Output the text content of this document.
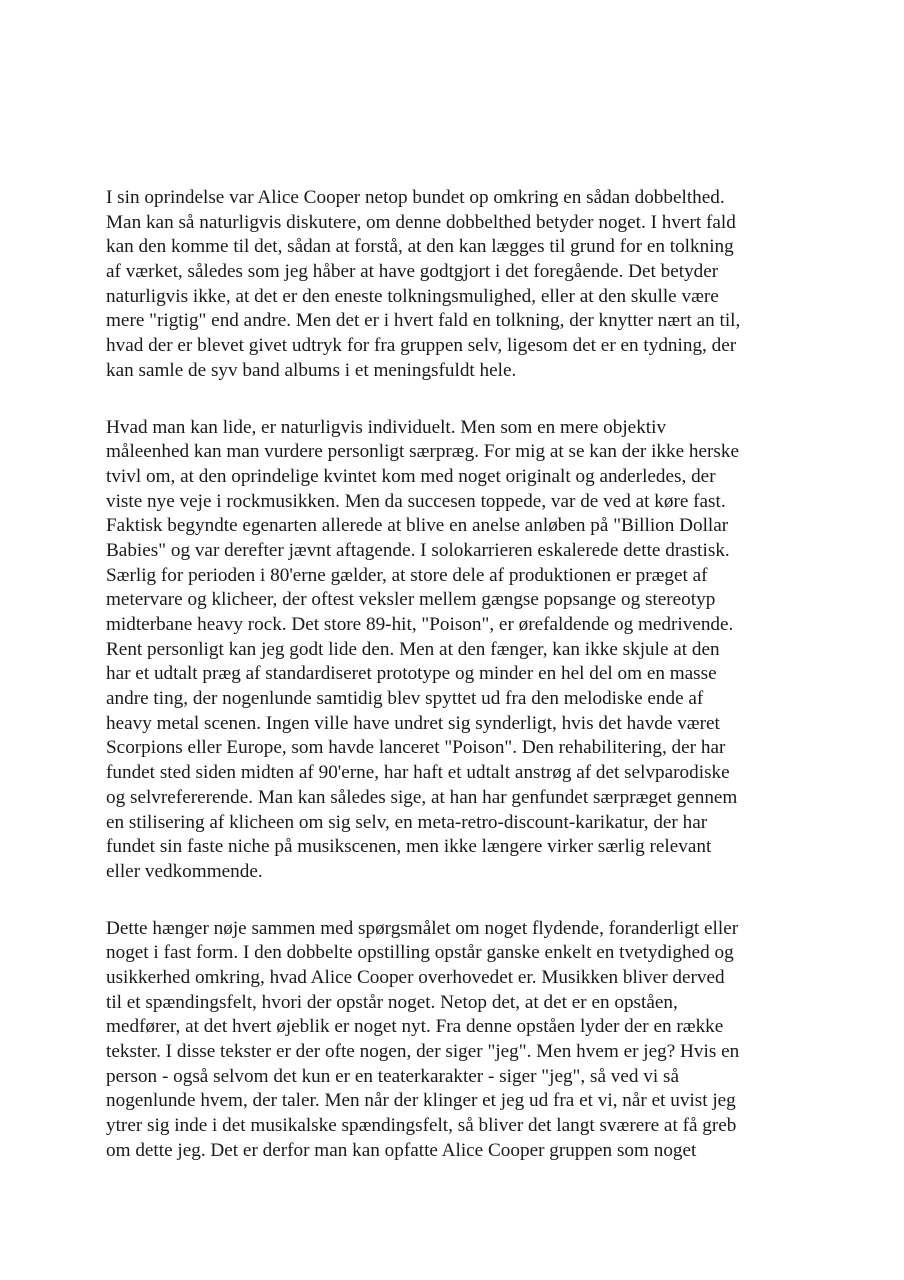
I sin oprindelse var Alice Cooper netop bundet op omkring en sådan dobbelthed.
Man kan så naturligvis diskutere, om denne dobbelthed betyder noget. I hvert fald
kan den komme til det, sådan at forstå, at den kan lægges til grund for en tolkning
af værket, således som jeg håber at have godtgjort i det foregående. Det betyder
naturligvis ikke, at det er den eneste tolkningsmulighed, eller at den skulle være
mere "rigtig" end andre. Men det er i hvert fald en tolkning, der knytter nært an til,
hvad der er blevet givet udtryk for fra gruppen selv, ligesom det er en tydning, der
kan samle de syv band albums i et meningsfuldt hele.
Hvad man kan lide, er naturligvis individuelt. Men som en mere objektiv
måleenhed kan man vurdere personligt særpræg. For mig at se kan der ikke herske
tvivl om, at den oprindelige kvintet kom med noget originalt og anderledes, der
viste nye veje i rockmusikken. Men da succesen toppede, var de ved at køre fast.
Faktisk begyndte egenarten allerede at blive en anelse anløben på "Billion Dollar
Babies" og var derefter jævnt aftagende. I solokarrieren eskalerede dette drastisk.
Særlig for perioden i 80'erne gælder, at store dele af produktionen er præget af
metervare og klicheer, der oftest veksler mellem gængse popsange og stereotyp
midterbane heavy rock. Det store 89-hit, "Poison", er ørefaldende og medrivende.
Rent personligt kan jeg godt lide den. Men at den fænger, kan ikke skjule at den
har et udtalt præg af standardiseret prototype og minder en hel del om en masse
andre ting, der nogenlunde samtidig blev spyttet ud fra den melodiske ende af
heavy metal scenen. Ingen ville have undret sig synderligt, hvis det havde været
Scorpions eller Europe, som havde lanceret "Poison". Den rehabilitering, der har
fundet sted siden midten af 90'erne, har haft et udtalt anstrøg af det selvparodiske
og selvrefererende. Man kan således sige, at han har genfundet særpræget gennem
en stilisering af klicheen om sig selv, en meta-retro-discount-karikatur, der har
fundet sin faste niche på musikscenen, men ikke længere virker særlig relevant
eller vedkommende.
Dette hænger nøje sammen med spørgsmålet om noget flydende, foranderligt eller
noget i fast form. I den dobbelte opstilling opstår ganske enkelt en tvetydighed og
usikkerhed omkring, hvad Alice Cooper overhovedet er. Musikken bliver derved
til et spændingsfelt, hvori der opstår noget. Netop det, at det er en opståen,
medfører, at det hvert øjeblik er noget nyt. Fra denne opståen lyder der en række
tekster. I disse tekster er der ofte nogen, der siger "jeg". Men hvem er jeg? Hvis en
person - også selvom det kun er en teaterkarakter - siger "jeg", så ved vi så
nogenlunde hvem, der taler. Men når der klinger et jeg ud fra et vi, når et uvist jeg
ytrer sig inde i det musikalske spændingsfelt, så bliver det langt sværere at få greb
om dette jeg. Det er derfor man kan opfatte Alice Cooper gruppen som noget
